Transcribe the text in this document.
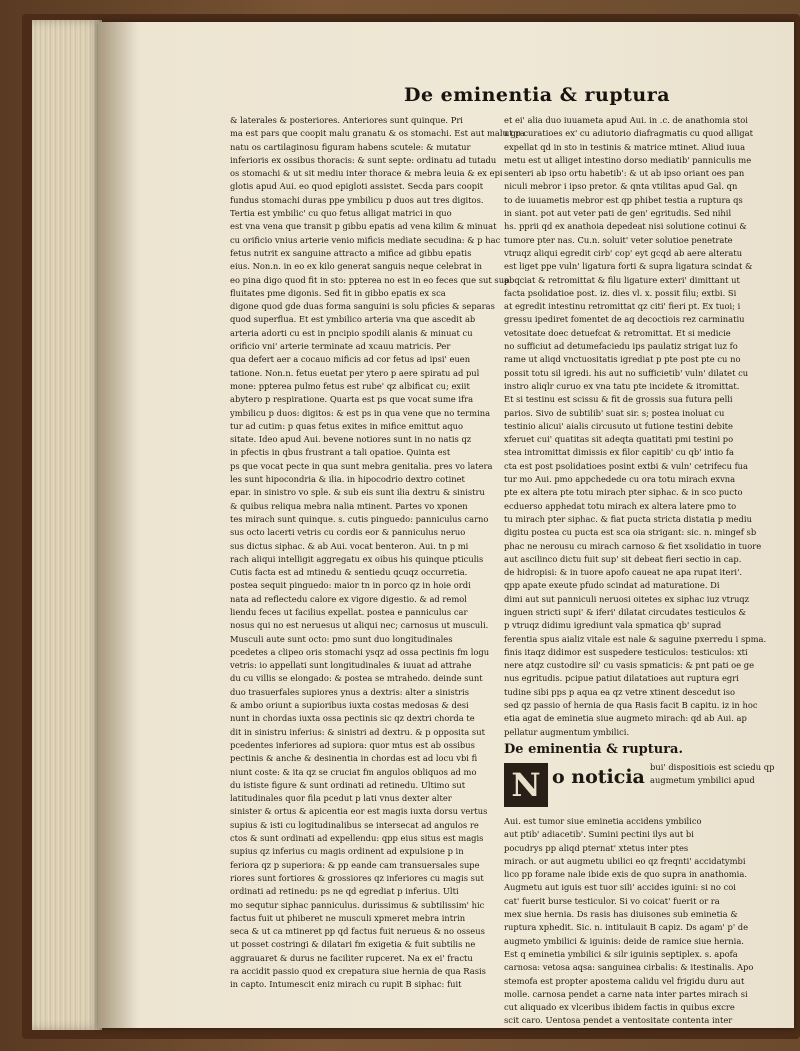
De eminentia & ruptura
& laterales & posteriores. Anteriores sunt quinque. Pri
ma est pars que coopit malu granatu & os stomachi. Est aut malu gra
natu os cartilaginosu figuram habens scutele: & mutatur
inferioris ex ossibus thoracis: & sunt septe: ordinatu ad tutadu
os stomachi & ut sit mediu inter thorace & mebra leuia & ex epi
glotis apud Aui. eo quod epigloti assistet. Secda pars coopit
fundus stomachi duras ppe ymbilicu p duos aut tres digitos.
Tertia est ymbilic' cu quo fetus alligat matrici in quo
est vna vena que transit p gibbu epatis ad vena kilim & minuat
cu orificio vnius arterie venio mificis mediate secudina: & p hac
fetus nutrit ex sanguine attracto a mifice ad gibbu epatis
eius. Non.n. in eo ex kilo generat sanguis neque celebrat in
eo pina digo quod fit in sto: ppterea no est in eo feces que sut sup
fluitates pme digonis. Sed fit in gibbo epatis ex sca
digone quod gde duas forma sanguini is solu pficies & separas
quod superflua. Et est ymbilico arteria vna que ascedit ab
arteria adorti cu est in pncipio spodili alanis & minuat cu
orificio vni' arterie terminate ad xcauu matricis. Per
qua defert aer a cocauo mificis ad cor fetus ad ipsi' euen
tatione. Non.n. fetus euetat per ytero p aere spiratu ad pul
mone: ppterea pulmo fetus est rube' qz albificat cu; exiit
abytero p respiratione. Quarta est ps que vocat sume ifra
ymbilicu p duos: digitos: & est ps in qua vene que no termina
tur ad cutim: p quas fetus exites in mifice emittut aquo
sitate. Ideo apud Aui. bevene notiores sunt in no natis qz
in pfectis in qbus frustrant a tali opatioe. Quinta est
ps que vocat pecte in qua sunt mebra genitalia. pres vo latera
les sunt hipocondria & ilia. in hipocodrio dextro cotinet
epar. in sinistro vo sple. & sub eis sunt ilia dextru & sinistru
& quibus reliqua mebra nalia mtinent. Partes vo xponen
tes mirach sunt quinque. s. cutis pinguedo: panniculus carno
sus octo lacerti vetris cu cordis eor & panniculus neruo
sus dictus siphac. & ab Aui. vocat benteron. Aui. tn p mi
rach aliqui intelligit aggregatu ex oibus his quinque pticulis
Cutis facta est ad mtinedu & sentiedu qcuqz occurretia.
postea sequit pinguedo: maior tn in porco qz in hoie ordi
nata ad reflectedu calore ex vigore digestio. & ad remol
liendu feces ut facilius expellat. postea e panniculus car
nosus qui no est neruesus ut aliqui nec; carnosus ut musculi.
Musculi aute sunt octo: pmo sunt duo longitudinales
pcedetes a clipeo oris stomachi ysqz ad ossa pectinis fm logu
vetris: io appellati sunt longitudinales & iuuat ad attrahe
du cu villis se elongado: & postea se mtrahedo. deinde sunt
duo trasuerfales supiores ynus a dextris: alter a sinistris
& ambo oriunt a supioribus iuxta costas medosas & desi
nunt in chordas iuxta ossa pectinis sic qz dextri chorda te
dit in sinistru inferius: & sinistri ad dextru. & p opposita sut
pcedentes inferiores ad supiora: quor mtus est ab ossibus
pectinis & anche & desinentia in chordas est ad locu vbi fi
niunt coste: & ita qz se cruciat fm angulos obliquos ad mo
du ististe figure & sunt ordinati ad retinedu. Ultimo sut
latitudinales quor fila pcedut p lati vnus dexter alter
sinister & ortus & apicentia eor est magis iuxta dorsu vertus
supius & isti cu logitudinalibus se intersecat ad angulos re
ctos & sunt ordinati ad expellendu: qpp eius situs est magis
supius qz inferius cu magis ordinent ad expulsione p in
feriora qz p superiora: & pp eande cam transuersales supe
riores sunt fortiores & grossiores qz inferiores cu magis sut
ordinati ad retinedu: ps ne qd egrediat p inferius. Ulti
mo sequtur siphac panniculus. durissimus & subtilissim' hic
factus fuit ut phiberet ne musculi xpmeret mebra intrin
seca & ut ca mtineret pp qd factus fuit nerueus & no osseus
ut posset costringi & dilatari fm exigetia & fuit subtilis ne
aggrauaret & durus ne faciliter rupceret. Na ex ei' fractu
ra accidit passio quod ex crepatura siue hernia de qua Rasis
in capto. Intumescit eniz mirach cu rupit B siphac: fuit
et ei' alia duo iuuameta apud Aui. in .c. de anathomia stoi
ut p curatioes ex' cu adiutorio diafragmatis cu quod alligat
expellat qd in sto in testinis & matrice mtinet. Aliud iuua
metu est ut alliget intestino dorso mediatib' panniculis me
senteri ab ipso ortu habetib': & ut ab ipso oriant oes pan
niculi mebror i ipso pretor. & qnta vtilitas apud Gal. qn
to de iuuametis mebror est qp phibet testia a ruptura qs
in siant. pot aut veter pati de gen' egritudis. Sed nihil
hs. pprii qd ex anathoia depedeat nisi solutione cotinui &
tumore pter nas. Cu.n. soluit' veter solutioe penetrate
vtruqz aliqui egredit cirb' cop' eyt gcqd ab aere alteratu
est liget ppe vuln' ligatura forti & supra ligatura scindat &
abqciat & retromittat & filu ligature exteri' dimittant ut
facta psolidatioe post. iz. dies vl. x. possit filu; extbi. Si
at egredit intestinu retromittat qz citi' fieri pt. Ex tuoi; i
gressu ipediret fomentet de aq decoctiois rez carminatiu
vetositate doec detuefcat & retromittat. Et si medicie
no sufficiut ad detumefaciedu ips paulatiz strigat iuz fo
rame ut aliqd vnctuositatis igrediat p pte post pte cu no
possit totu sil igredi. his aut no sufficietib' vuln' dilatet cu
instro aliqlr curuo ex vna tatu pte incidete & itromittat.
Et si testinu est scissu & fit de grossis sua futura pelli
parios. Sivo de subtilib' suat sir. s; postea inoluat cu
testinio alicui' aialis circusuto ut futione testini debite
xferuet cui' quatitas sit adeqta quatitati pmi testini po
stea intromittat dimissis ex filor capitib' cu qb' intio fa
cta est post psolidatioes posint extbi & vuln' cetrifecu fua
tur mo Aui. pmo appchedede cu ora totu mirach exvna
pte ex altera pte totu mirach pter siphac. & in sco pucto
ecduerso apphedat totu mirach ex altera latere pmo to
tu mirach pter siphac. & fiat pucta stricta distatia p mediu
digitu postea cu pucta est sca oia strigant: sic. n. mingef sb
phac ne nerousu cu mirach carnoso & fiet xsolidatio in tuore
aut ascilinco dictu fuit sup' sit debeat fieri sectio in cap.
de hidropisi: & in tuore apofo caueat ne apa rupat iteri'.
qpp apate exeute pfudo scindat ad maturatione. Di
dimi aut sut panniculi neruosi oitetes ex siphac iuz vtruqz
inguen stricti supi' & iferi' dilatat circudates testiculos &
p vtruqz didimu igrediunt vala spmatica qb' suprad
ferentia spus aializ vitale est nale & saguine pxerredu i spma.
finis itaqz didimor est suspedere testiculos: testiculos: xti
nere atqz custodire sil' cu vasis spmaticis: & pnt pati oe ge
nus egritudis. pcipue patiut dilatatioes aut ruptura egri
tudine sibi pps p aqua ea qz vetre xtinent descedut iso
sed qz passio of hernia de qua Rasis facit B capitu. iz in hoc
etia agat de eminetia siue augmeto mirach: qd ab Aui. ap
pellatur augmentum ymbilici.
De eminentia & ruptura.
N o noticia bui' dispositiois est sciedu qp
augmetum ymbilici apud
Aui. est tumor siue eminetia accidens ymbilico
aut ptib' adiacetib'. Sumini pectini ilys aut bi
pocudrys pp aliqd pternat' xtetus inter ptes
mirach. or aut augmetu ubilici eo qz freqnti' accidatymbi
lico pp forame nale ibide exis de quo supra in anathomia.
Augmetu aut iguis est tuor sili' accides iguini: si no coi
cat' fuerit burse testiculor. Si vo coicat' fuerit or ra
mex siue hernia. Ds rasis has diuisones sub eminetia &
ruptura xphedit. Sic. n. intitulauit B capiz. Ds agam' p' de
augmeto ymbilici & iguinis: deide de ramice siue hernia.
Est q eminetia ymbilici & silr iguinis septiplex. s. apofa
carnosa: vetosa aqsa: sanguinea cirbalis: & itestinalis. Apo
stemofa est propter apostema calidu vel frigidu duru aut
molle. carnosa pendet a carne nata inter partes mirach si
cut aliquado ex vlceribus ibidem factis in quibus excre
scit caro. Uentosa pendet a ventositate contenta inter
